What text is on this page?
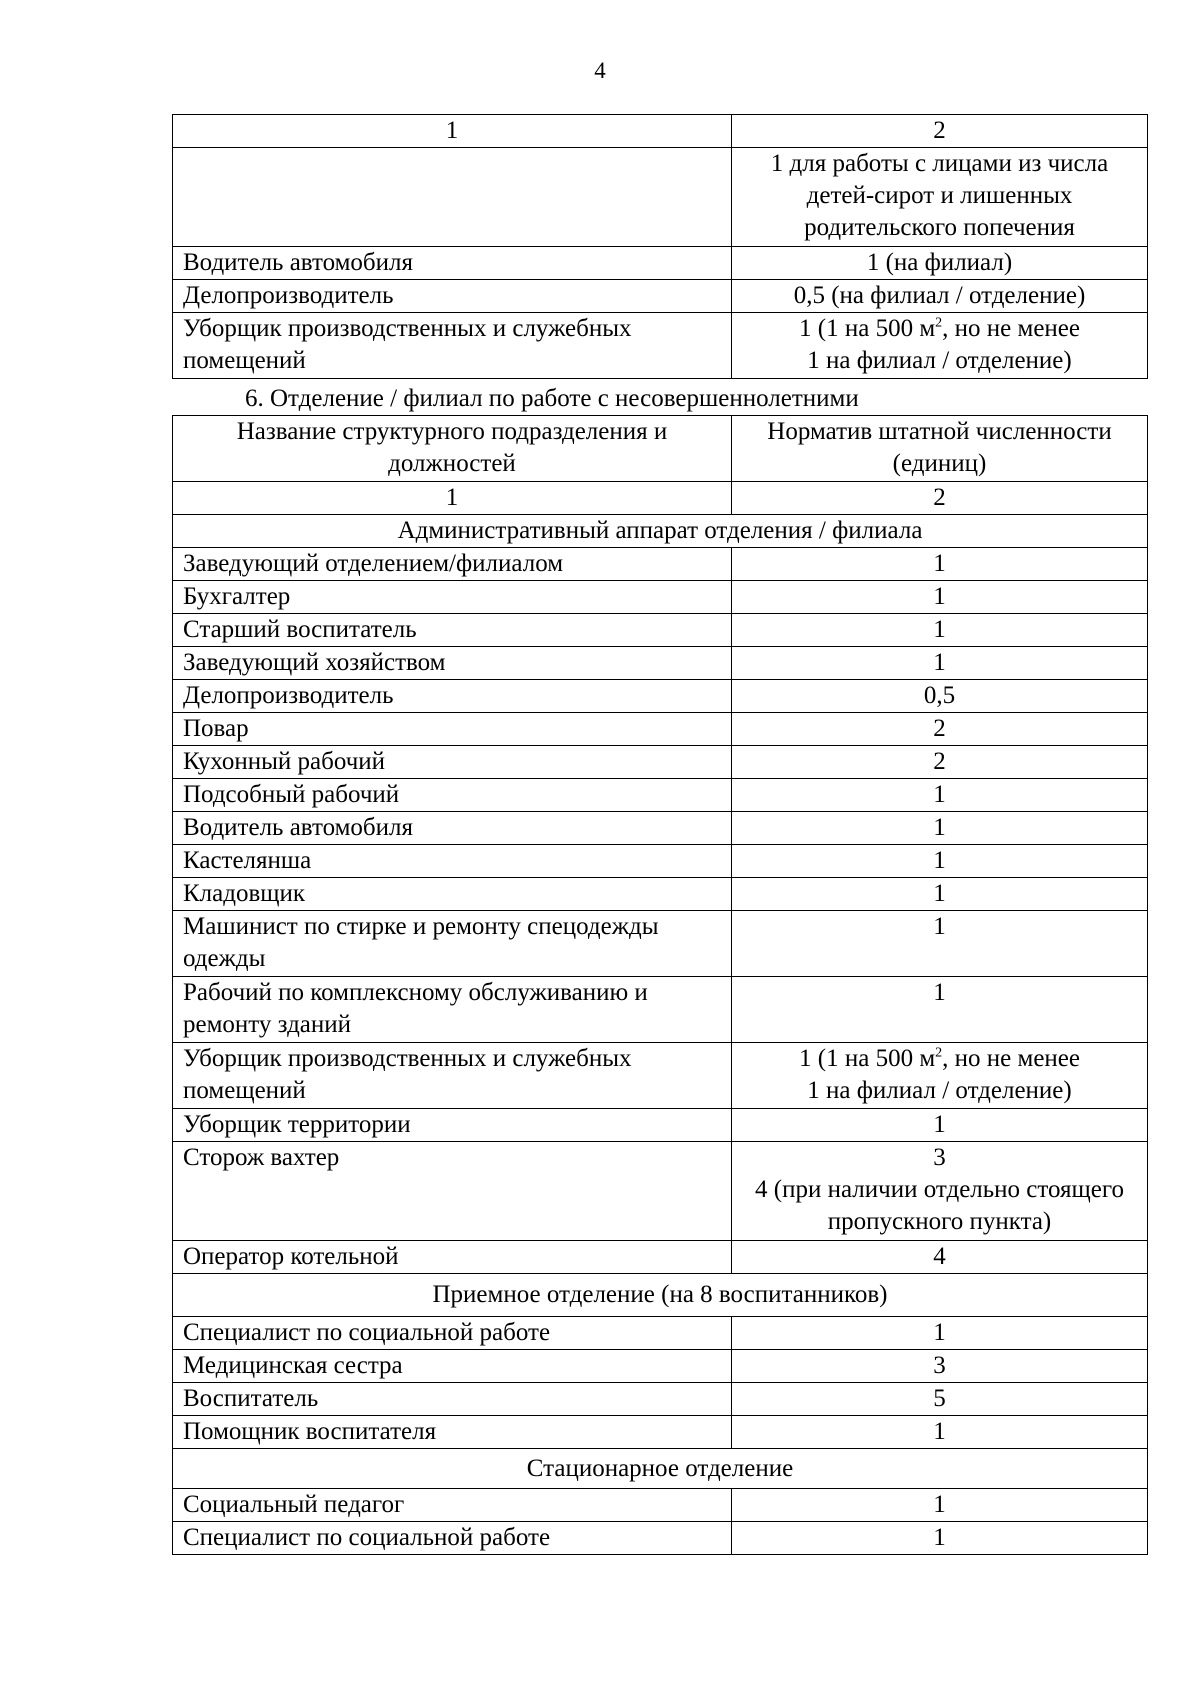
4
1	2
	1 для работы с лицами из числа детей-сирот и лишенных родительского попечения
Водитель автомобиля	1 (на филиал)
Делопроизводитель	0,5 (на филиал / отделение)
Уборщик производственных и служебных помещений	1 (1 на 500 $м^2$, но не менее
1 на филиал / отделение)
6. Отделение / филиал по работе с несовершеннолетними
Название структурного подразделения и должностей	Норматив штатной численности (единиц)
1	2
Административный аппарат отделения / филиала	
Заведующий отделением/филиалом	1
Бухгалтер	1
Старший воспитатель	1
Заведующий хозяйством	1
Делопроизводитель	0,5
Повар	2
Кухонный рабочий	2
Подсобный рабочий	1
Водитель автомобиля	1
Кастелянша	1
Кладовщик	1
Машинист по стирке и ремонту спецодежды одежды	1
Рабочий по комплексному обслуживанию и ремонту зданий	1
Уборщик производственных и служебных помещений	1 (1 на 500 $м^2$, но не менее
1 на филиал / отделение)

Уборщик территории	1
Сторож вахтер	3
4 (при наличии отдельно стоящего пропускного пункта)

Оператор котельной	4
Приемное отделение (на 8 воспитанников)	
Специалист по социальной работе	1
Медицинская сестра	3
Воспитатель	5
Помощник воспитателя	1
Стационарное отделение	
Социальный педагог	1
Специалист по социальной работе	1
